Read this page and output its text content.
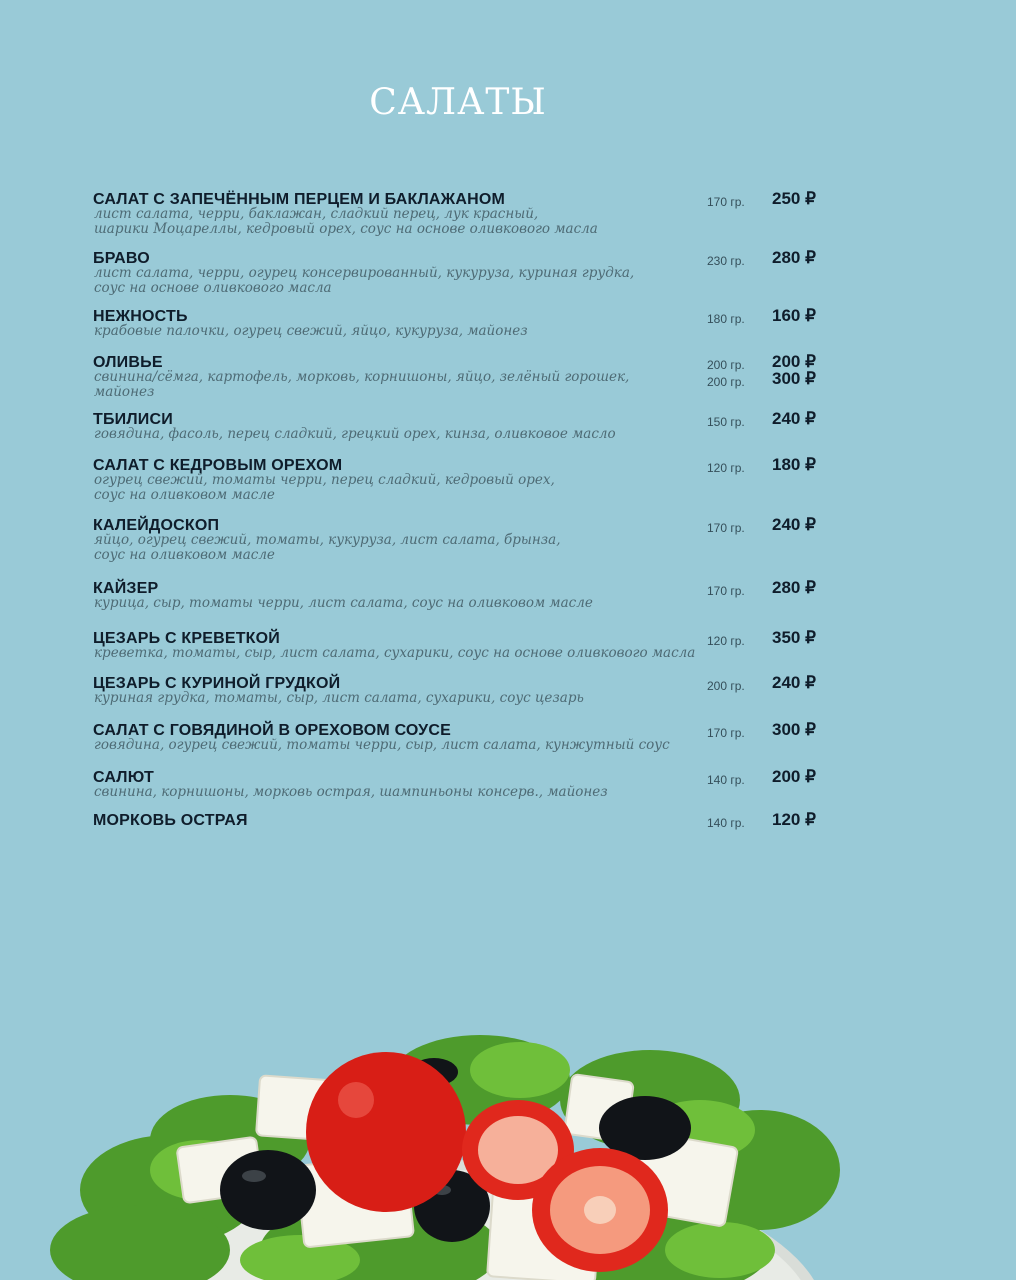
САЛАТЫ
САЛАТ С ЗАПЕЧЁННЫМ ПЕРЦЕМ И БАКЛАЖАНОМ
лист салата, черри, баклажан, сладкий перец, лук красный,
шарики Моцареллы, кедровый орех, соус на основе оливкового масла
170 гр. 250 ₽
БРАВО
лист салата, черри, огурец консервированный, кукуруза, куриная грудка,
соус на основе оливкового масла
230 гр. 280 ₽
НЕЖНОСТЬ
крабовые палочки, огурец свежий, яйцо, кукуруза, майонез
180 гр. 160 ₽
ОЛИВЬЕ
свинина/сёмга, картофель, морковь, корнишоны, яйцо, зелёный горошек,
майонез
200 гр.
200 гр.
200 ₽
300 ₽
ТБИЛИСИ
говядина, фасоль, перец сладкий, грецкий орех, кинза, оливковое масло
150 гр. 240 ₽
САЛАТ С КЕДРОВЫМ ОРЕХОМ
огурец свежий, томаты черри, перец сладкий, кедровый орех,
соус на оливковом масле
120 гр. 180 ₽
КАЛЕЙДОСКОП
яйцо, огурец свежий, томаты, кукуруза, лист салата, брынза,
соус на оливковом масле
170 гр. 240 ₽
КАЙЗЕР
курица, сыр, томаты черри, лист салата, соус на оливковом масле
170 гр. 280 ₽
ЦЕЗАРЬ С КРЕВЕТКОЙ
креветка, томаты, сыр, лист салата, сухарики, соус на основе оливкового масла
120 гр. 350 ₽
ЦЕЗАРЬ С КУРИНОЙ ГРУДКОЙ
куриная грудка, томаты, сыр, лист салата, сухарики, соус цезарь
200 гр. 240 ₽
САЛАТ С ГОВЯДИНОЙ В ОРЕХОВОМ СОУСЕ
говядина, огурец свежий, томаты черри, сыр, лист салата, кунжутный соус
170 гр. 300 ₽
САЛЮТ
свинина, корнишоны, морковь острая, шампиньоны консерв., майонез
140 гр. 200 ₽
МОРКОВЬ ОСТРАЯ	140 гр. 120 ₽
